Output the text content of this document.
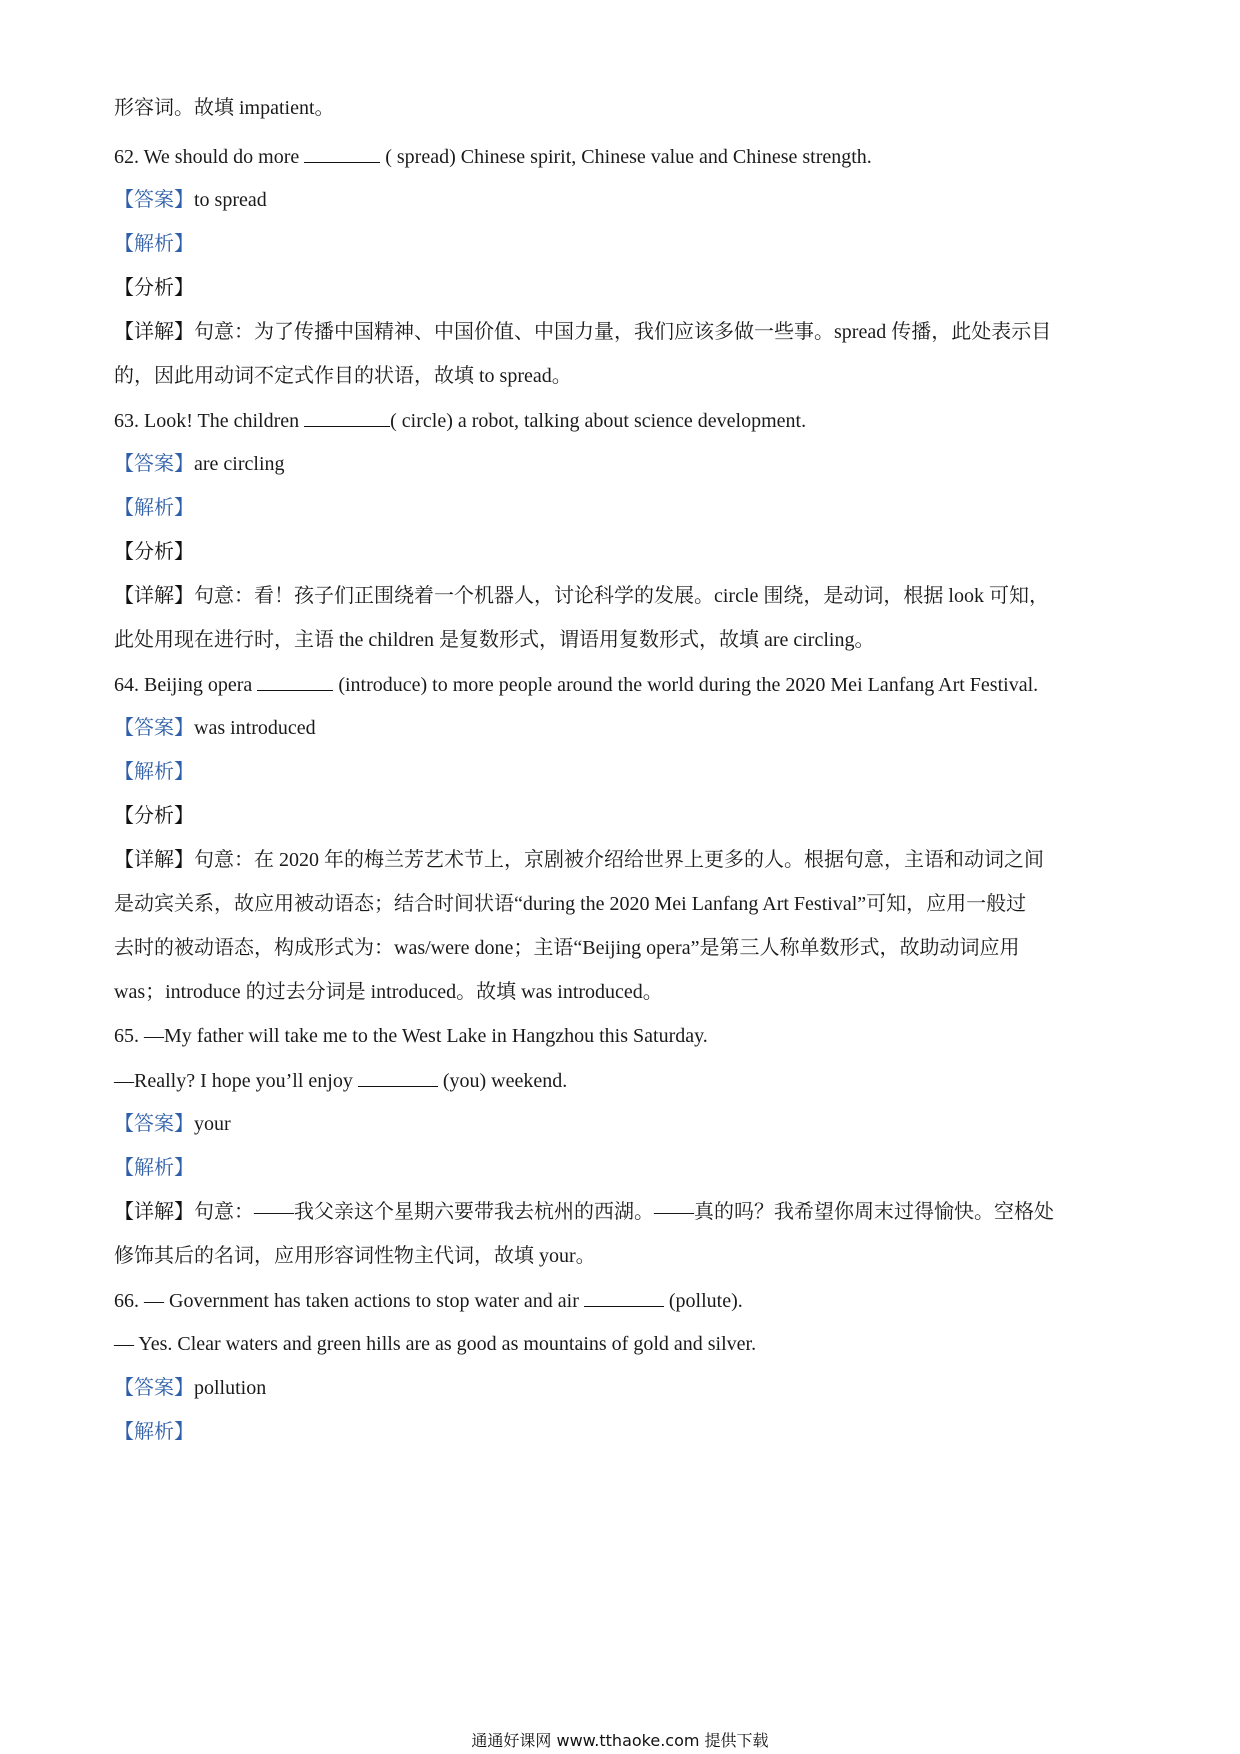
形容词。故填 impatient。

62. We should do more	( spread) Chinese spirit, Chinese value and Chinese strength.

【答案】to spread

【解析】

【分析】

【详解】句意：为了传播中国精神、中国价值、中国力量，我们应该多做一些事。spread 传播，此处表示目

的，因此用动词不定式作目的状语，故填 to spread。

63. Look! The children	( circle) a robot, talking about science development.

【答案】are circling

【解析】

【分析】

【详解】句意：看！孩子们正围绕着一个机器人，讨论科学的发展。circle 围绕，是动词，根据 look 可知，

此处用现在进行时，主语 the children 是复数形式，谓语用复数形式，故填 are circling。

64. Beijing opera	(introduce) to more people around the world during the 2020 Mei Lanfang Art Festival.

【答案】was introduced

【解析】

【分析】

【详解】句意：在 2020 年的梅兰芳艺术节上，京剧被介绍给世界上更多的人。根据句意，主语和动词之间

是动宾关系，故应用被动语态；结合时间状语“during the 2020 Mei Lanfang Art Festival”可知，应用一般过

去时的被动语态，构成形式为：was/were done；主语“Beijing opera”是第三人称单数形式，故助动词应用

was；introduce 的过去分词是 introduced。故填 was introduced。

65. —My father will take me to the West Lake in Hangzhou this Saturday.

—Really? I hope you’ll enjoy	(you) weekend.

【答案】your

【解析】

【详解】句意：——我父亲这个星期六要带我去杭州的西湖。——真的吗？我希望你周末过得愉快。空格处

修饰其后的名词，应用形容词性物主代词，故填 your。

66. — Government has taken actions to stop water and air	(pollute).

— Yes. Clear waters and green hills are as good as mountains of gold and silver.

【答案】pollution

【解析】

通通好课网 www.tthaoke.com 提供下载
